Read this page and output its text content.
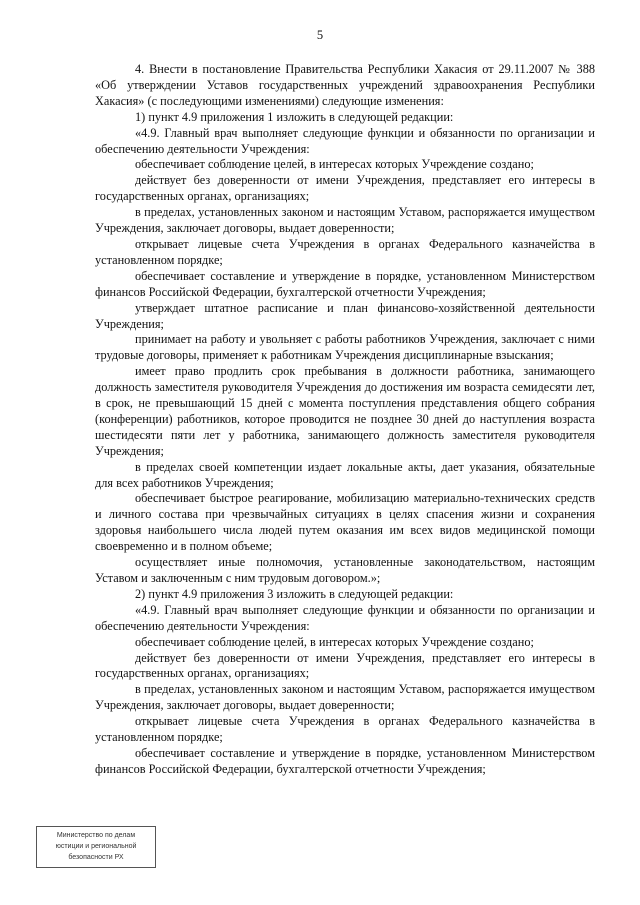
5

4. Внести в постановление Правительства Республики Хакасия от 29.11.2007 № 388 «Об утверждении Уставов государственных учреждений здравоохранения Республики Хакасия» (с последующими изменениями) следующие изменения:

1) пункт 4.9 приложения 1 изложить в следующей редакции:

«4.9. Главный врач выполняет следующие функции и обязанности по организации и обеспечению деятельности Учреждения:

обеспечивает соблюдение целей, в интересах которых Учреждение создано;

действует без доверенности от имени Учреждения, представляет его интересы в государственных органах, организациях;

в пределах, установленных законом и настоящим Уставом, распоряжается имуществом Учреждения, заключает договоры, выдает доверенности;

открывает лицевые счета Учреждения в органах Федерального казначейства в установленном порядке;

обеспечивает составление и утверждение в порядке, установленном Министерством финансов Российской Федерации, бухгалтерской отчетности Учреждения;

утверждает штатное расписание и план финансово-хозяйственной деятельности Учреждения;

принимает на работу и увольняет с работы работников Учреждения, заключает с ними трудовые договоры, применяет к работникам Учреждения дисциплинарные взыскания;

имеет право продлить срок пребывания в должности работника, занимающего должность заместителя руководителя Учреждения до достижения им возраста семидесяти лет, в срок, не превышающий 15 дней с момента поступления представления общего собрания (конференции) работников, которое проводится не позднее 30 дней до наступления возраста шестидесяти пяти лет у работника, занимающего должность заместителя руководителя Учреждения;

в пределах своей компетенции издает локальные акты, дает указания, обязательные для всех работников Учреждения;

обеспечивает быстрое реагирование, мобилизацию материально-технических средств и личного состава при чрезвычайных ситуациях в целях спасения жизни и сохранения здоровья наибольшего числа людей путем оказания им всех видов медицинской помощи своевременно и в полном объеме;

осуществляет иные полномочия, установленные законодательством, настоящим Уставом и заключенным с ним трудовым договором.»;

2) пункт 4.9 приложения 3 изложить в следующей редакции:

«4.9. Главный врач выполняет следующие функции и обязанности по организации и обеспечению деятельности Учреждения:

обеспечивает соблюдение целей, в интересах которых Учреждение создано;

действует без доверенности от имени Учреждения, представляет его интересы в государственных органах, организациях;

в пределах, установленных законом и настоящим Уставом, распоряжается имуществом Учреждения, заключает договоры, выдает доверенности;

открывает лицевые счета Учреждения в органах Федерального казначейства в установленном порядке;

обеспечивает составление и утверждение в порядке, установленном Министерством финансов Российской Федерации, бухгалтерской отчетности Учреждения;

Министерство по делам
юстиции и региональной
безопасности РХ
